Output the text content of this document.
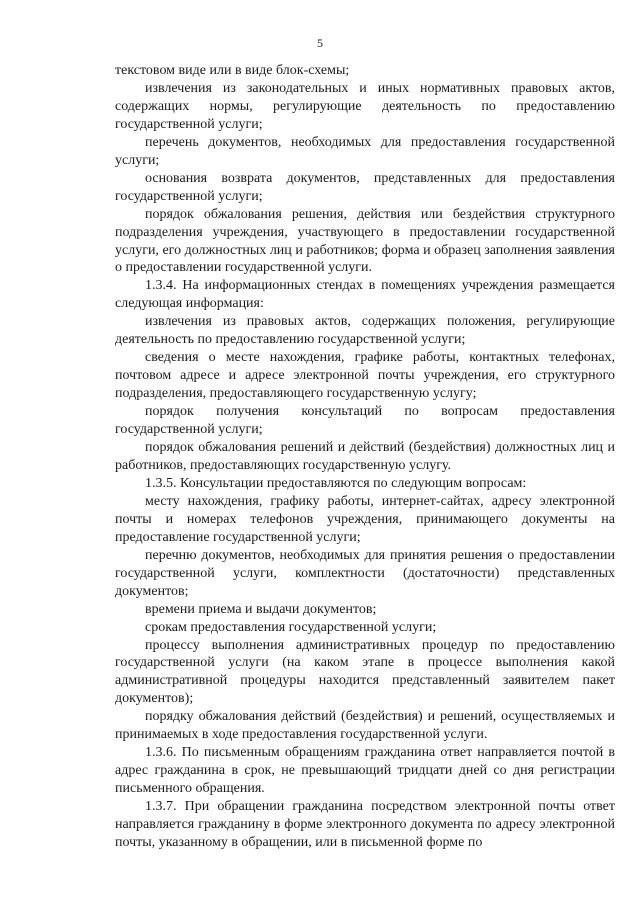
5

текстовом виде или в виде блок-схемы;

извлечения из законодательных и иных нормативных правовых актов, содержащих нормы, регулирующие деятельность по предоставлению государственной услуги;

перечень документов, необходимых для предоставления государственной услуги;

основания возврата документов, представленных для предоставления государственной услуги;

порядок обжалования решения, действия или бездействия структурного подразделения учреждения, участвующего в предоставлении государственной услуги, его должностных лиц и работников; форма и образец заполнения заявления о предоставлении государственной услуги.

1.3.4. На информационных стендах в помещениях учреждения размещается следующая информация:

извлечения из правовых актов, содержащих положения, регулирующие деятельность по предоставлению государственной услуги;

сведения о месте нахождения, графике работы, контактных телефонах, почтовом адресе и адресе электронной почты учреждения, его структурного подразделения, предоставляющего государственную услугу;

порядок получения консультаций по вопросам предоставления государственной услуги;

порядок обжалования решений и действий (бездействия) должностных лиц и работников, предоставляющих государственную услугу.

1.3.5. Консультации предоставляются по следующим вопросам:

месту нахождения, графику работы, интернет-сайтах, адресу электронной почты и номерах телефонов учреждения, принимающего документы на предоставление государственной услуги;

перечню документов, необходимых для принятия решения о предоставлении государственной услуги, комплектности (достаточности) представленных документов;

времени приема и выдачи документов;

срокам предоставления государственной услуги;

процессу выполнения административных процедур по предоставлению государственной услуги (на каком этапе в процессе выполнения какой административной процедуры находится представленный заявителем пакет документов);

порядку обжалования действий (бездействия) и решений, осуществляемых и принимаемых в ходе предоставления государственной услуги.

1.3.6. По письменным обращениям гражданина ответ направляется почтой в адрес гражданина в срок, не превышающий тридцати дней со дня регистрации письменного обращения.

1.3.7. При обращении гражданина посредством электронной почты ответ направляется гражданину в форме электронного документа по адресу электронной почты, указанному в обращении, или в письменной форме по
